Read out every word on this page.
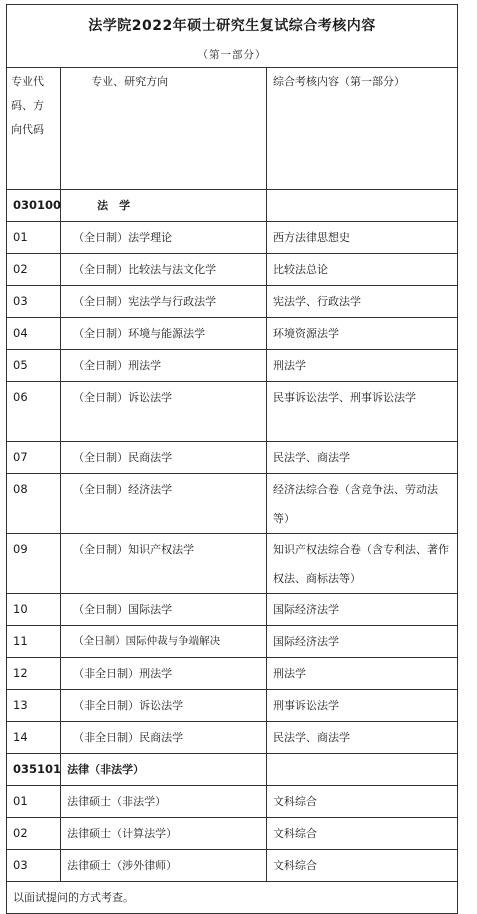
法学院2022年硕士研究生复试综合考核内容
（第一部分）		

专业代码、方向代码	专业、研究方向	综合考核内容（第一部分）
030100	法　学	
01	（全日制）法学理论	西方法律思想史
02	（全日制）比较法与法文化学	比较法总论
03	（全日制）宪法学与行政法学	宪法学、行政法学
04	（全日制）环境与能源法学	环境资源法学
05	（全日制）刑法学	刑法学
06	（全日制）诉讼法学	民事诉讼法学、刑事诉讼法学
07	（全日制）民商法学	民法学、商法学
08	（全日制）经济法学	经济法综合卷（含竞争法、劳动法等）
09	（全日制）知识产权法学	知识产权法综合卷（含专利法、著作权法、商标法等）
10	（全日制）国际法学	国际经济法学
11	（全日制）国际仲裁与争端解决	国际经济法学
12	（非全日制）刑法学	刑法学
13	（非全日制）诉讼法学	刑事诉讼法学
14	（非全日制）民商法学	民法学、商法学
035101	法律（非法学）	
01	法律硕士（非法学）	文科综合
02	法律硕士（计算法学）	文科综合
03	法律硕士（涉外律师）	文科综合
以面试提问的方式考查。		
